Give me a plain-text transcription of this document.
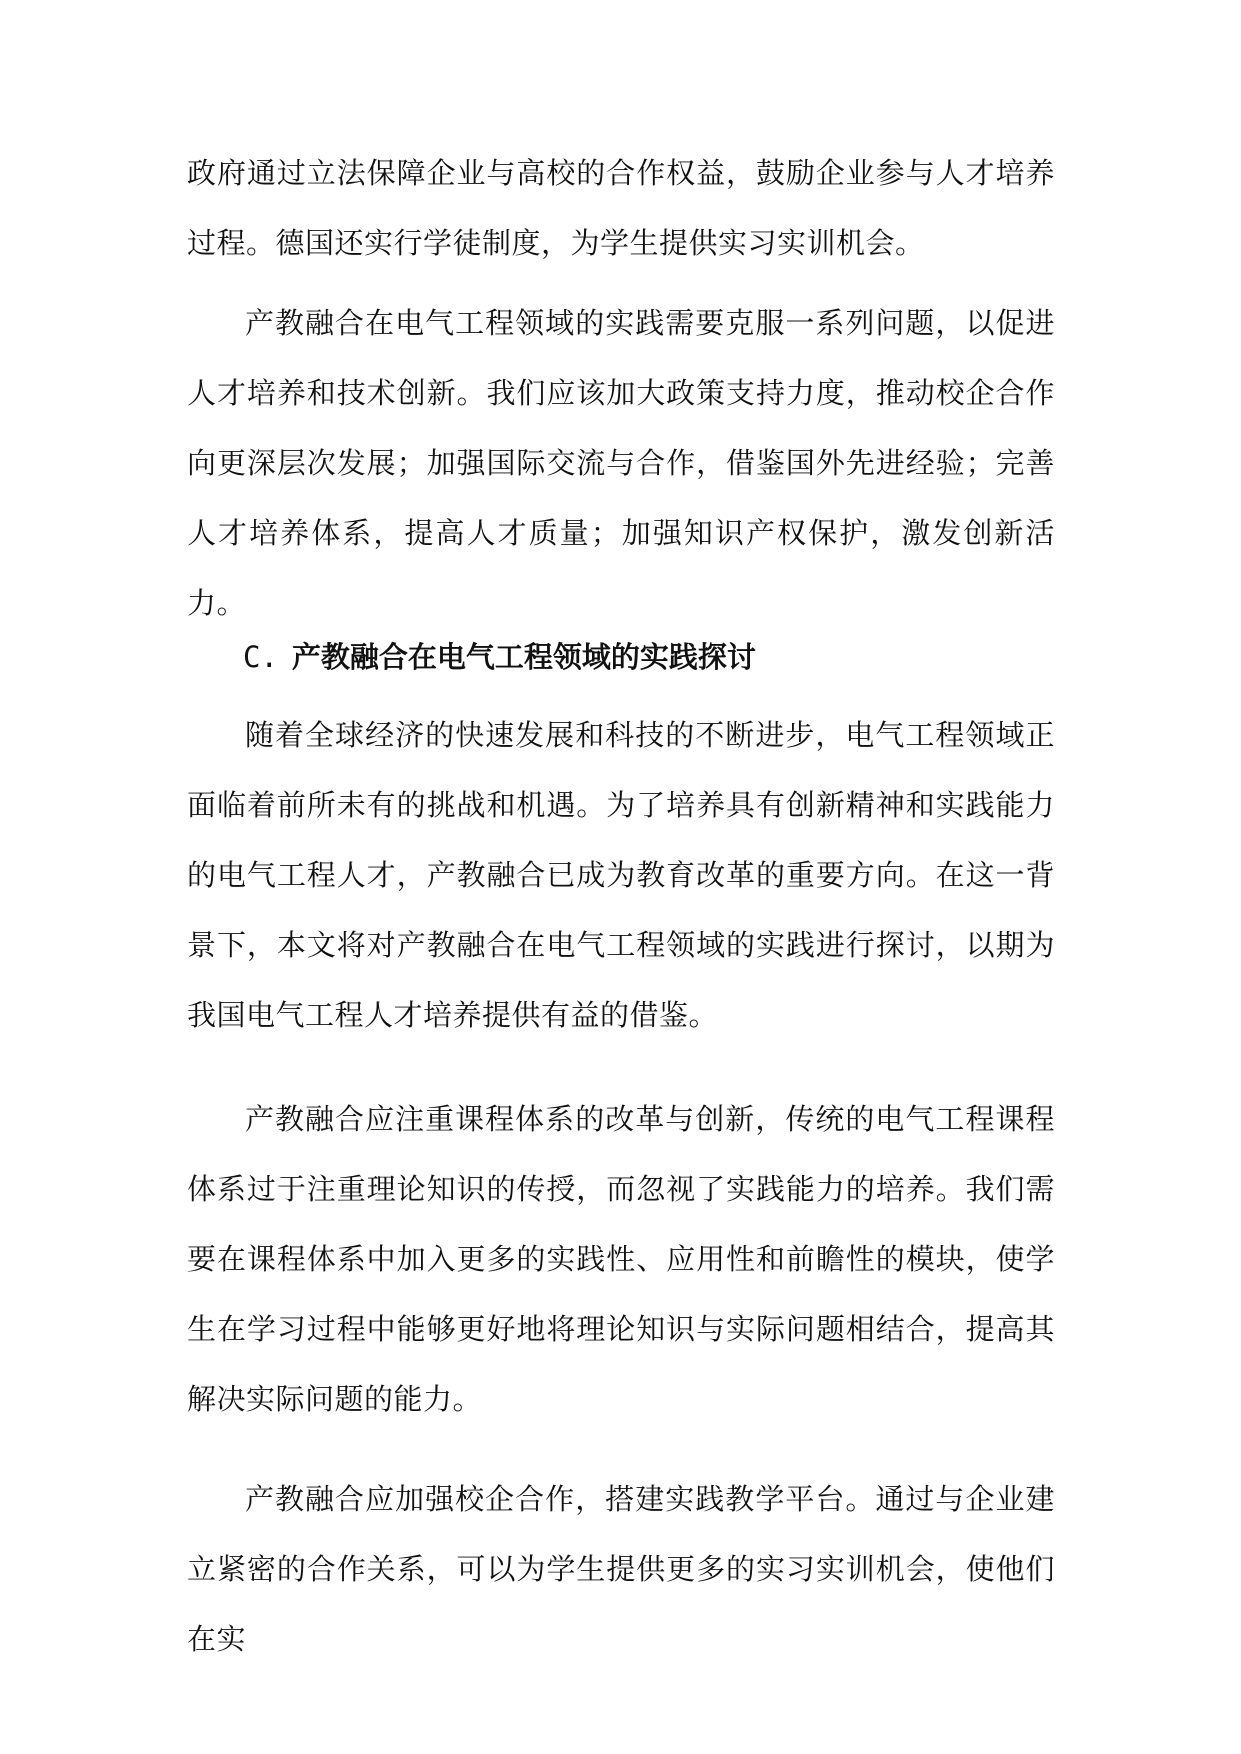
政府通过立法保障企业与高校的合作权益，鼓励企业参与人才培养过程。德国还实行学徒制度，为学生提供实习实训机会。

产教融合在电气工程领域的实践需要克服一系列问题，以促进人才培养和技术创新。我们应该加大政策支持力度，推动校企合作向更深层次发展；加强国际交流与合作，借鉴国外先进经验；完善人才培养体系，提高人才质量；加强知识产权保护，激发创新活力。

C. 产教融合在电气工程领域的实践探讨

随着全球经济的快速发展和科技的不断进步，电气工程领域正面临着前所未有的挑战和机遇。为了培养具有创新精神和实践能力的电气工程人才，产教融合已成为教育改革的重要方向。在这一背景下，本文将对产教融合在电气工程领域的实践进行探讨，以期为我国电气工程人才培养提供有益的借鉴。

产教融合应注重课程体系的改革与创新，传统的电气工程课程体系过于注重理论知识的传授，而忽视了实践能力的培养。我们需要在课程体系中加入更多的实践性、应用性和前瞻性的模块，使学生在学习过程中能够更好地将理论知识与实际问题相结合，提高其解决实际问题的能力。

产教融合应加强校企合作，搭建实践教学平台。通过与企业建立紧密的合作关系，可以为学生提供更多的实习实训机会，使他们在实
